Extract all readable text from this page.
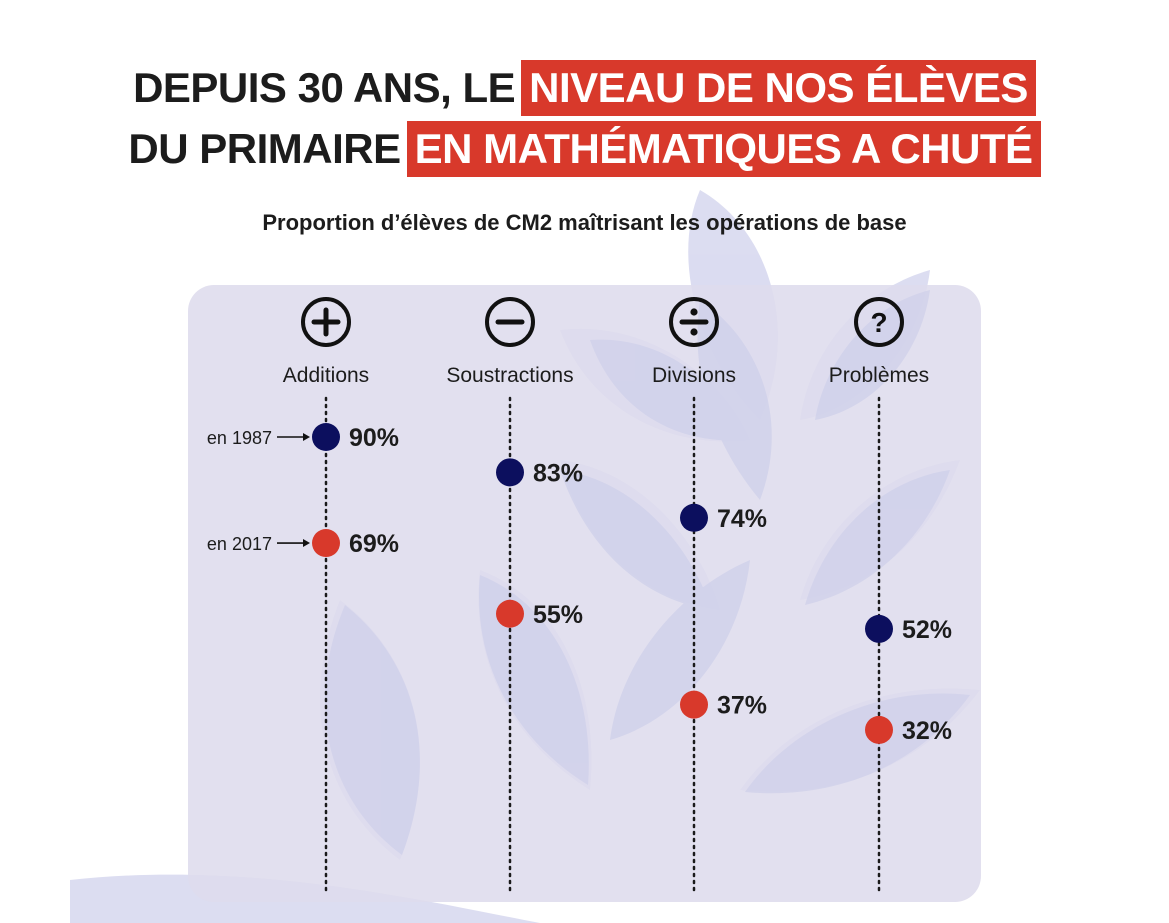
DEPUIS 30 ANS, LE NIVEAU DE NOS ÉLÈVES
DU PRIMAIRE EN MATHÉMATIQUES A CHUTÉ
Proportion d’élèves de CM2 maîtrisant les opérations de base
Additions	Soustractions	Divisions
?
Problèmes
90%
83%
74%
52%
69%
55%
37%
32%
en 1987
en 2017
